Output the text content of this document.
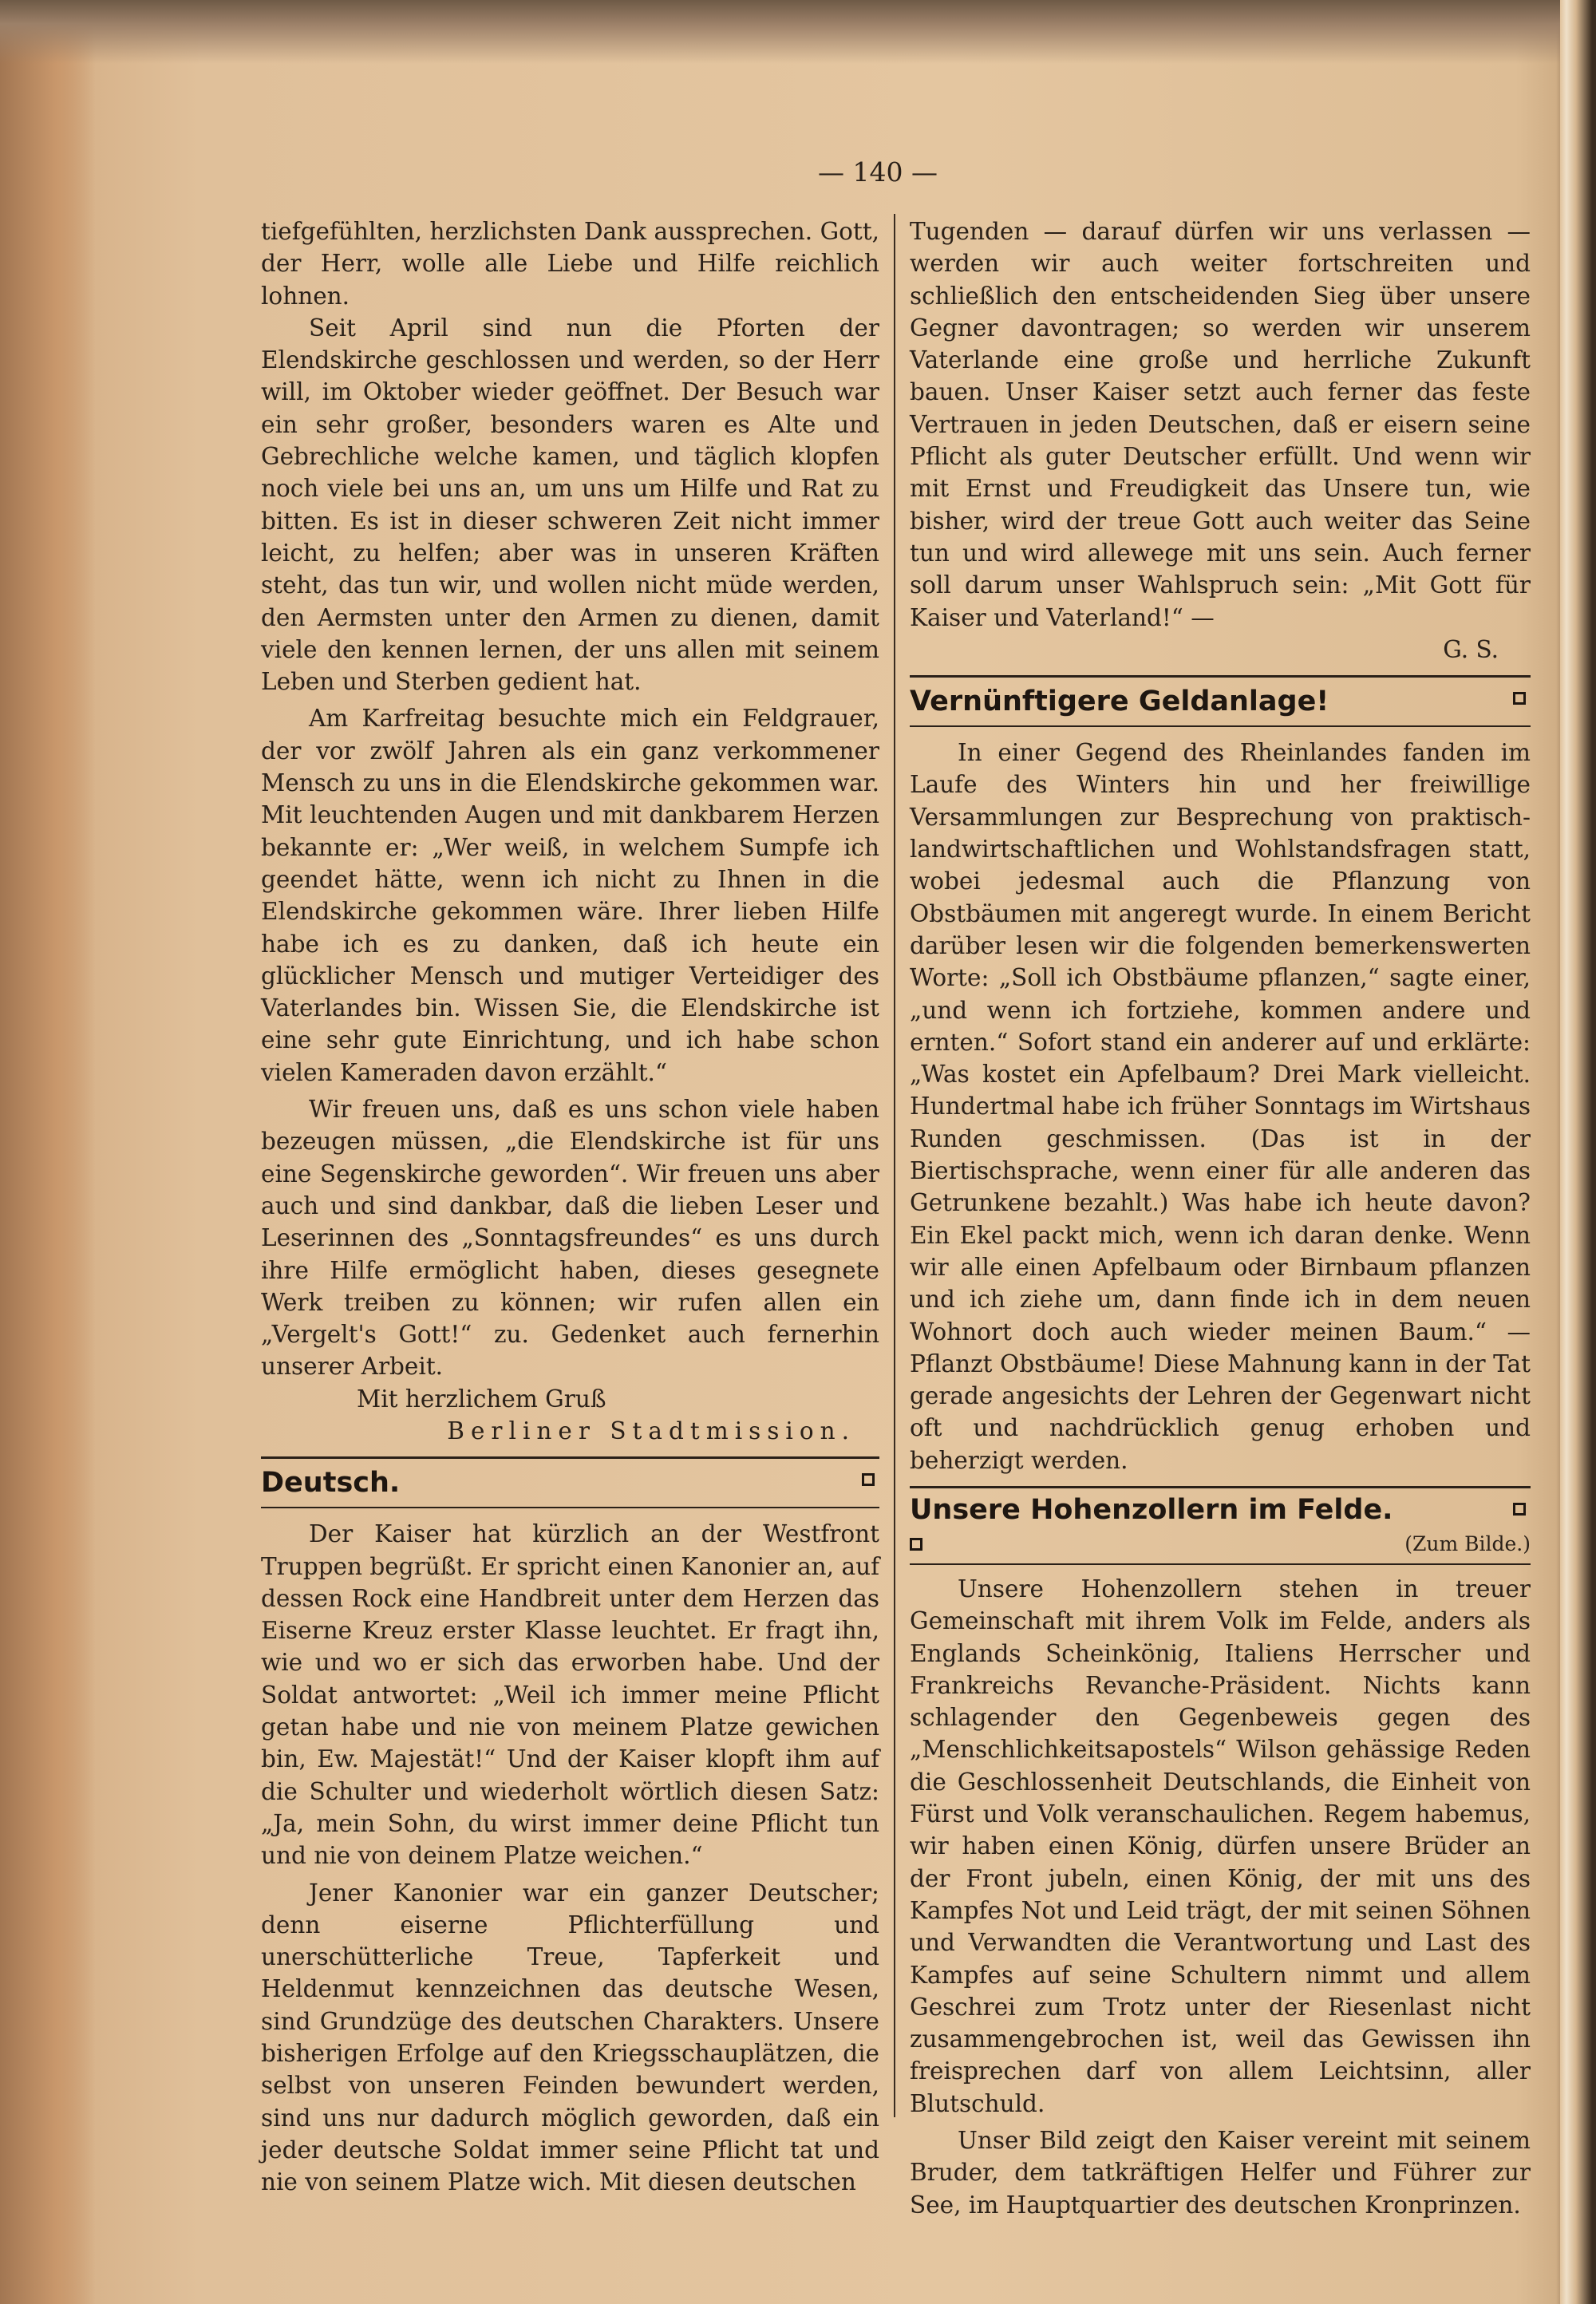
— 140 —

tiefgefühlten, herzlichsten Dank aussprechen. Gott, der Herr, wolle alle Liebe und Hilfe reichlich lohnen.

Seit April sind nun die Pforten der Elendskirche geschlossen und werden, so der Herr will, im Oktober wieder geöffnet. Der Besuch war ein sehr großer, besonders waren es Alte und Gebrechliche welche kamen, und täglich klopfen noch viele bei uns an, um uns um Hilfe und Rat zu bitten. Es ist in dieser schweren Zeit nicht immer leicht, zu helfen; aber was in unseren Kräften steht, das tun wir, und wollen nicht müde werden, den Aermsten unter den Armen zu dienen, damit viele den kennen lernen, der uns allen mit seinem Leben und Sterben gedient hat.

Am Karfreitag besuchte mich ein Feldgrauer, der vor zwölf Jahren als ein ganz verkommener Mensch zu uns in die Elendskirche gekommen war. Mit leuchtenden Augen und mit dankbarem Herzen bekannte er: „Wer weiß, in welchem Sumpfe ich geendet hätte, wenn ich nicht zu Ihnen in die Elendskirche gekommen wäre. Ihrer lieben Hilfe habe ich es zu danken, daß ich heute ein glücklicher Mensch und mutiger Verteidiger des Vaterlandes bin. Wissen Sie, die Elendskirche ist eine sehr gute Einrichtung, und ich habe schon vielen Kameraden davon erzählt.“

Wir freuen uns, daß es uns schon viele haben bezeugen müssen, „die Elendskirche ist für uns eine Segenskirche geworden“. Wir freuen uns aber auch und sind dankbar, daß die lieben Leser und Leserinnen des „Sonntagsfreundes“ es uns durch ihre Hilfe ermöglicht haben, dieses gesegnete Werk treiben zu können; wir rufen allen ein „Vergelt's Gott!“ zu. Gedenket auch fernerhin unserer Arbeit.

Mit herzlichem Gruß

Berliner Stadtmission.

Deutsch.

Der Kaiser hat kürzlich an der Westfront Truppen begrüßt. Er spricht einen Kanonier an, auf dessen Rock eine Handbreit unter dem Herzen das Eiserne Kreuz erster Klasse leuchtet. Er fragt ihn, wie und wo er sich das erworben habe. Und der Soldat antwortet: „Weil ich immer meine Pflicht getan habe und nie von meinem Platze gewichen bin, Ew. Majestät!“ Und der Kaiser klopft ihm auf die Schulter und wiederholt wörtlich diesen Satz: „Ja, mein Sohn, du wirst immer deine Pflicht tun und nie von deinem Platze weichen.“

Jener Kanonier war ein ganzer Deutscher; denn eiserne Pflichterfüllung und unerschütterliche Treue, Tapferkeit und Heldenmut kennzeichnen das deutsche Wesen, sind Grundzüge des deutschen Charakters. Unsere bisherigen Erfolge auf den Kriegsschauplätzen, die selbst von unseren Feinden bewundert werden, sind uns nur dadurch möglich geworden, daß ein jeder deutsche Soldat immer seine Pflicht tat und nie von seinem Platze wich. Mit diesen deutschen

Tugenden — darauf dürfen wir uns verlassen — werden wir auch weiter fortschreiten und schließlich den entscheidenden Sieg über unsere Gegner davontragen; so werden wir unserem Vaterlande eine große und herrliche Zukunft bauen. Unser Kaiser setzt auch ferner das feste Vertrauen in jeden Deutschen, daß er eisern seine Pflicht als guter Deutscher erfüllt. Und wenn wir mit Ernst und Freudigkeit das Unsere tun, wie bisher, wird der treue Gott auch weiter das Seine tun und wird allewege mit uns sein. Auch ferner soll darum unser Wahlspruch sein: „Mit Gott für Kaiser und Vaterland!“ —

G. S.

Vernünftigere Geldanlage!

In einer Gegend des Rheinlandes fanden im Laufe des Winters hin und her freiwillige Versammlungen zur Besprechung von praktisch-landwirtschaftlichen und Wohlstandsfragen statt, wobei jedesmal auch die Pflanzung von Obstbäumen mit angeregt wurde. In einem Bericht darüber lesen wir die folgenden bemerkenswerten Worte: „Soll ich Obstbäume pflanzen,“ sagte einer, „und wenn ich fortziehe, kommen andere und ernten.“ Sofort stand ein anderer auf und erklärte: „Was kostet ein Apfelbaum? Drei Mark vielleicht. Hundertmal habe ich früher Sonntags im Wirtshaus Runden geschmissen. (Das ist in der Biertischsprache, wenn einer für alle anderen das Getrunkene bezahlt.) Was habe ich heute davon? Ein Ekel packt mich, wenn ich daran denke. Wenn wir alle einen Apfelbaum oder Birnbaum pflanzen und ich ziehe um, dann finde ich in dem neuen Wohnort doch auch wieder meinen Baum.“ — Pflanzt Obstbäume! Diese Mahnung kann in der Tat gerade angesichts der Lehren der Gegenwart nicht oft und nachdrücklich genug erhoben und beherzigt werden.

Unsere Hohenzollern im Felde.
(Zum Bilde.)

Unsere Hohenzollern stehen in treuer Gemeinschaft mit ihrem Volk im Felde, anders als Englands Scheinkönig, Italiens Herrscher und Frankreichs Revanche-Präsident. Nichts kann schlagender den Gegenbeweis gegen des „Menschlichkeitsapostels“ Wilson gehässige Reden die Geschlossenheit Deutschlands, die Einheit von Fürst und Volk veranschaulichen. Regem habemus, wir haben einen König, dürfen unsere Brüder an der Front jubeln, einen König, der mit uns des Kampfes Not und Leid trägt, der mit seinen Söhnen und Verwandten die Verantwortung und Last des Kampfes auf seine Schultern nimmt und allem Geschrei zum Trotz unter der Riesenlast nicht zusammengebrochen ist, weil das Gewissen ihn freisprechen darf von allem Leichtsinn, aller Blutschuld.

Unser Bild zeigt den Kaiser vereint mit seinem Bruder, dem tatkräftigen Helfer und Führer zur See, im Hauptquartier des deutschen Kronprinzen.
